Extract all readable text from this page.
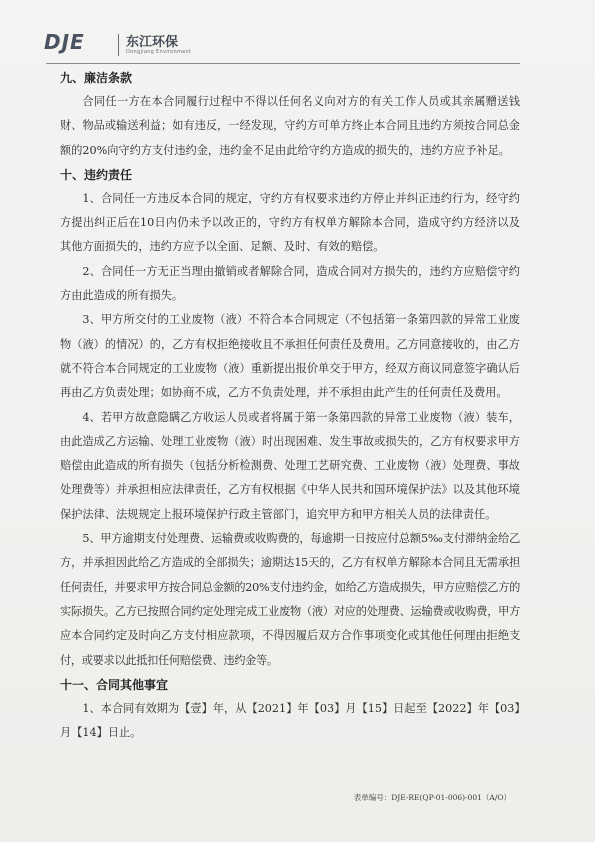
DJE	东江环保
Dongjiang Environment
九、廉洁条款

合同任一方在本合同履行过程中不得以任何名义向对方的有关工作人员或其亲属赠送钱财、物品或输送利益；如有违反，一经发现，守约方可单方终止本合同且违约方须按合同总金额的20%向守约方支付违约金，违约金不足由此给守约方造成的损失的，违约方应予补足。

十、违约责任

1、合同任一方违反本合同的规定，守约方有权要求违约方停止并纠正违约行为，经守约方提出纠正后在10日内仍未予以改正的，守约方有权单方解除本合同，造成守约方经济以及其他方面损失的，违约方应予以全面、足额、及时、有效的赔偿。

2、合同任一方无正当理由撤销或者解除合同，造成合同对方损失的，违约方应赔偿守约方由此造成的所有损失。

3、甲方所交付的工业废物（液）不符合本合同规定（不包括第一条第四款的异常工业废物（液）的情况）的，乙方有权拒绝接收且不承担任何责任及费用。乙方同意接收的，由乙方就不符合本合同规定的工业废物（液）重新提出报价单交于甲方，经双方商议同意签字确认后再由乙方负责处理；如协商不成，乙方不负责处理，并不承担由此产生的任何责任及费用。

4、若甲方故意隐瞒乙方收运人员或者将属于第一条第四款的异常工业废物（液）装车，由此造成乙方运输、处理工业废物（液）时出现困难、发生事故或损失的，乙方有权要求甲方赔偿由此造成的所有损失（包括分析检测费、处理工艺研究费、工业废物（液）处理费、事故处理费等）并承担相应法律责任，乙方有权根据《中华人民共和国环境保护法》以及其他环境保护法律、法规规定上报环境保护行政主管部门，追究甲方和甲方相关人员的法律责任。

5、甲方逾期支付处理费、运输费或收购费的，每逾期一日按应付总额5‰支付滞纳金给乙方，并承担因此给乙方造成的全部损失；逾期达15天的，乙方有权单方解除本合同且无需承担任何责任，并要求甲方按合同总金额的20%支付违约金，如给乙方造成损失，甲方应赔偿乙方的实际损失。乙方已按照合同约定处理完成工业废物（液）对应的处理费、运输费或收购费，甲方应本合同约定及时向乙方支付相应款项，不得因履后双方合作事项变化或其他任何理由拒绝支付，或要求以此抵扣任何赔偿费、违约金等。

十一、合同其他事宜

1、本合同有效期为【壹】年，从【2021】年【03】月【15】日起至【2022】年【03】月【14】日止。

表单编号：DJE-RE(QP-01-006)-001（A/O）
